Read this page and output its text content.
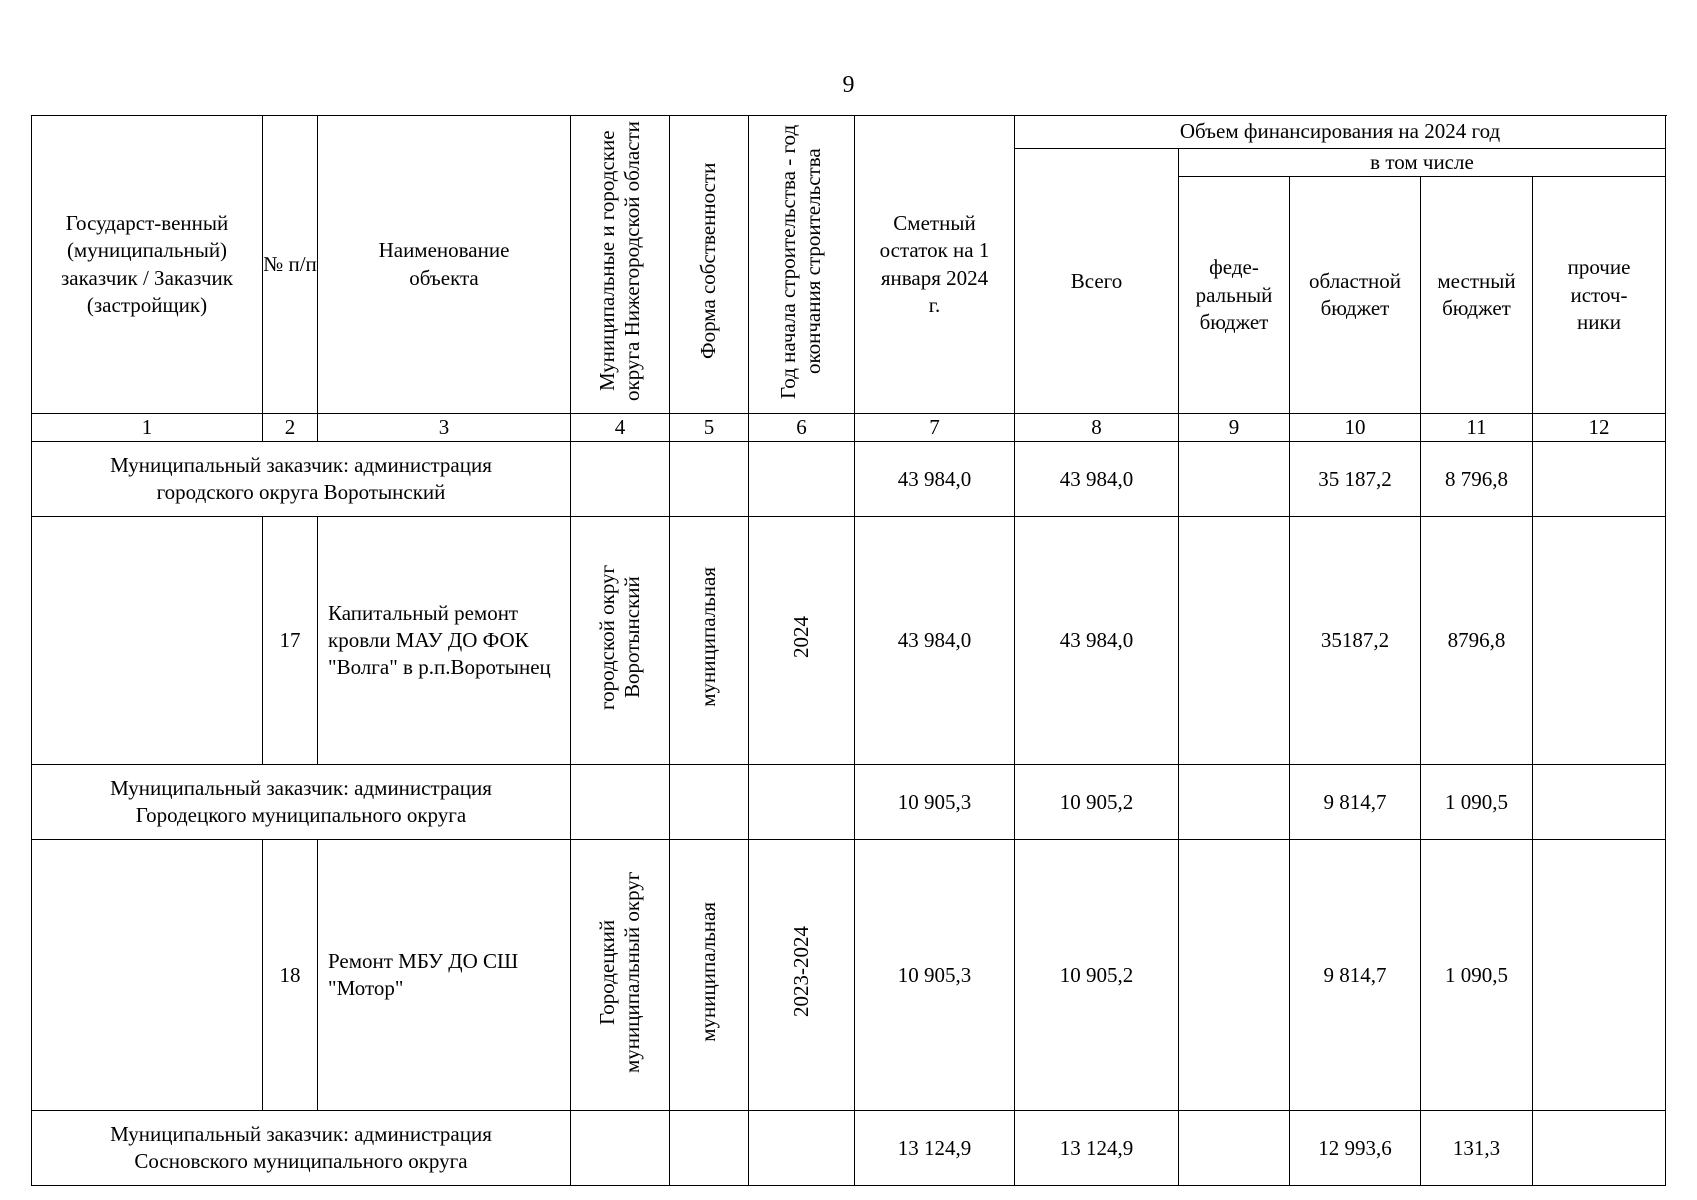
9
Государст-венный (муниципальный) заказчик / Заказчик (застройщик)	№ п/п	Наименование объекта	Муниципальные и городские округа Нижегородской области	Форма собственности	Год начала строительства - год окончания строительства	Сметный остаток на 1 января 2024 г.	Объем финансирования на 2024 год				
							Всего	в том числе			
								феде-ральный бюджет	областной бюджет	местный бюджет	прочие источ-ники
1	2	3	4	5	6	7	8	9	10	11	12
Муниципальный заказчик: администрация городского округа Воротынский						43 984,0	43 984,0		35 187,2	8 796,8	
	17	Капитальный ремонт кровли МАУ ДО ФОК "Волга" в р.п.Воротынец	городской округ Воротынский	муниципальная	2024	43 984,0	43 984,0		35187,2	8796,8	
Муниципальный заказчик: администрация Городецкого муниципального округа						10 905,3	10 905,2		9 814,7	1 090,5	
	18	Ремонт МБУ ДО СШ "Мотор"	Городецкий муниципальный округ	муниципальная	2023-2024	10 905,3	10 905,2		9 814,7	1 090,5	
Муниципальный заказчик: администрация Сосновского муниципального округа						13 124,9	13 124,9		12 993,6	131,3	
